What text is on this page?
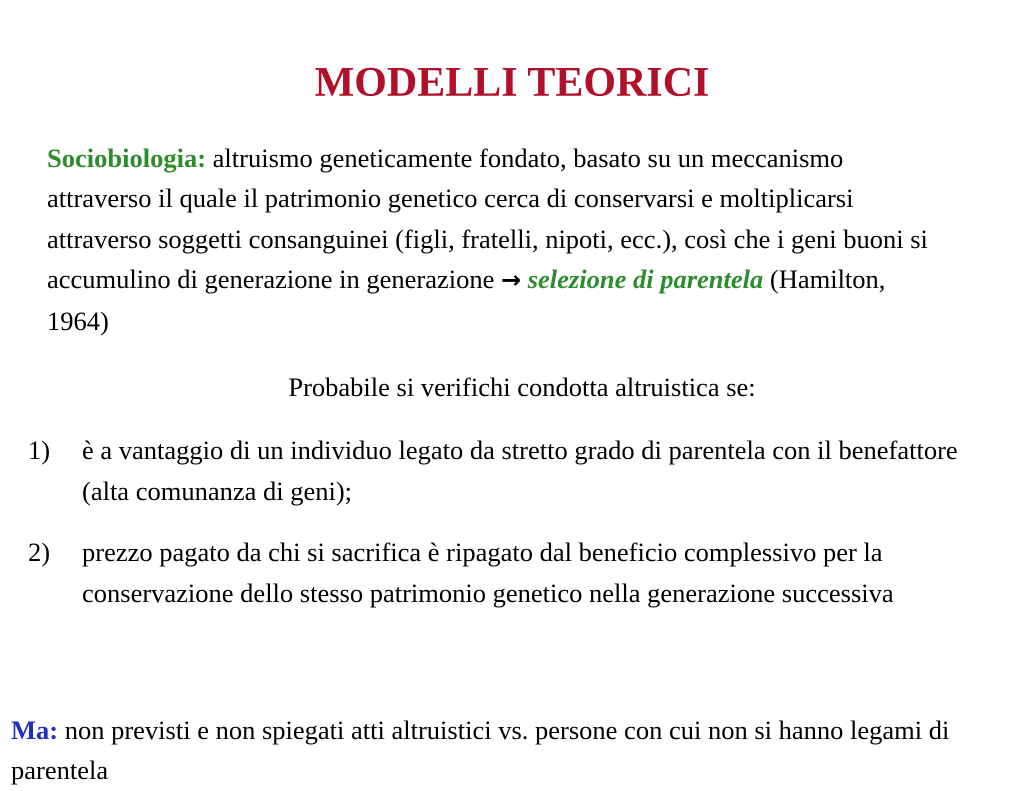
MODELLI TEORICI

Sociobiologia: altruismo geneticamente fondato, basato su un meccanismo attraverso il quale il patrimonio genetico cerca di conservarsi e moltiplicarsi attraverso soggetti consanguinei (figli, fratelli, nipoti, ecc.), così che i geni buoni si accumulino di generazione in generazione → selezione di parentela (Hamilton, 1964)

Probabile si verifichi condotta altruistica se:
1) è a vantaggio di un individuo legato da stretto grado di parentela con il benefattore (alta comunanza di geni);
2) prezzo pagato da chi si sacrifica è ripagato dal beneficio complessivo per la conservazione dello stesso patrimonio genetico nella generazione successiva

Ma: non previsti e non spiegati atti altruistici vs. persone con cui non si hanno legami di parentela
